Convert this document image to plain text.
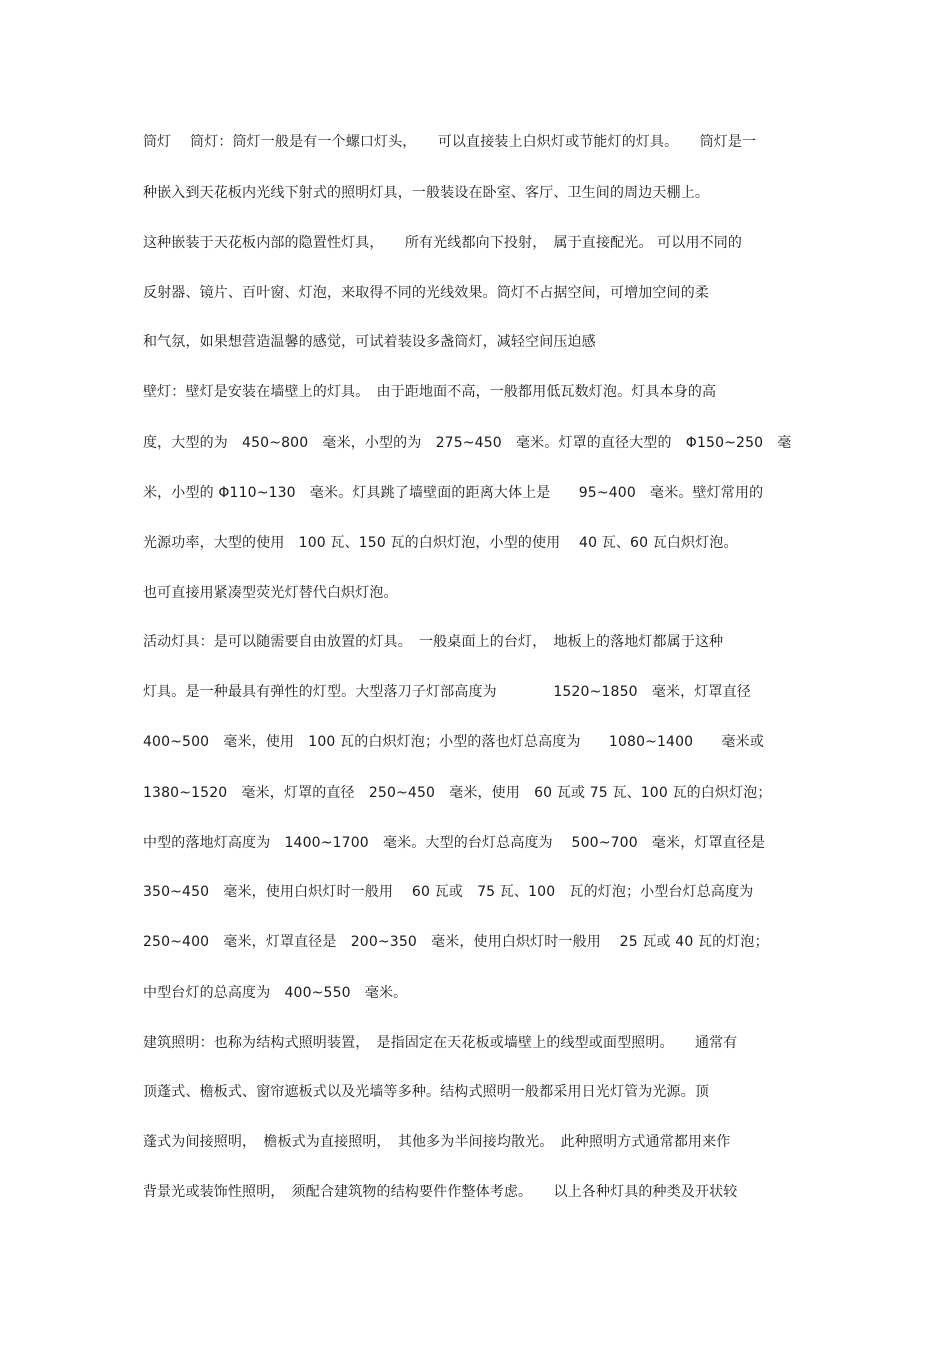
筒灯　 筒灯：筒灯一般是有一个螺口灯头，　　可以直接装上白炽灯或节能灯的灯具。　　筒灯是一
种嵌入到天花板内光线下射式的照明灯具，一般装设在卧室、客厅、卫生间的周边天棚上。
这种嵌装于天花板内部的隐置性灯具，　　所有光线都向下投射，　属于直接配光。 可以用不同的
反射器、镜片、百叶窗、灯泡，来取得不同的光线效果。筒灯不占据空间，可增加空间的柔
和气氛，如果想营造温馨的感觉，可试着装设多盏筒灯，减轻空间压迫感
壁灯：壁灯是安装在墙壁上的灯具。　由于距地面不高，一般都用低瓦数灯泡。灯具本身的高
度，大型的为　450~800　毫米，小型的为　275~450　毫米。灯罩的直径大型的　Φ150~250　毫
米，小型的 Φ110~130　毫米。灯具跳了墙壁面的距离大体上是　　95~400　毫米。壁灯常用的
光源功率，大型的使用　100 瓦、150 瓦的白炽灯泡，小型的使用　 40 瓦、60 瓦白炽灯泡。
也可直接用紧凑型荧光灯替代白炽灯泡。
活动灯具：是可以随需要自由放置的灯具。　一般桌面上的台灯，　地板上的落地灯都属于这种
灯具。是一种最具有弹性的灯型。大型落刀子灯部高度为　　　　1520~1850　毫米，灯罩直径
400~500　毫米，使用　100 瓦的白炽灯泡；小型的落也灯总高度为　　1080~1400　　毫米或
1380~1520　毫米，灯罩的直径　250~450　毫米，使用　60 瓦或 75 瓦、100 瓦的白炽灯泡；
中型的落地灯高度为　1400~1700　毫米。大型的台灯总高度为　 500~700　毫米，灯罩直径是
350~450　毫米，使用白炽灯时一般用　 60 瓦或　75 瓦、100　瓦的灯泡；小型台灯总高度为
250~400　毫米，灯罩直径是　200~350　毫米，使用白炽灯时一般用　 25 瓦或 40 瓦的灯泡；
中型台灯的总高度为　400~550　毫米。
建筑照明：也称为结构式照明装置，　是指固定在天花板或墙壁上的线型或面型照明。　　通常有
顶蓬式、檐板式、窗帘遮板式以及光墙等多种。结构式照明一般都采用日光灯管为光源。顶
蓬式为间接照明，　檐板式为直接照明，　其他多为半间接均散光。　此种照明方式通常都用来作
背景光或装饰性照明，　须配合建筑物的结构要件作整体考虑。　　以上各种灯具的种类及开状较
